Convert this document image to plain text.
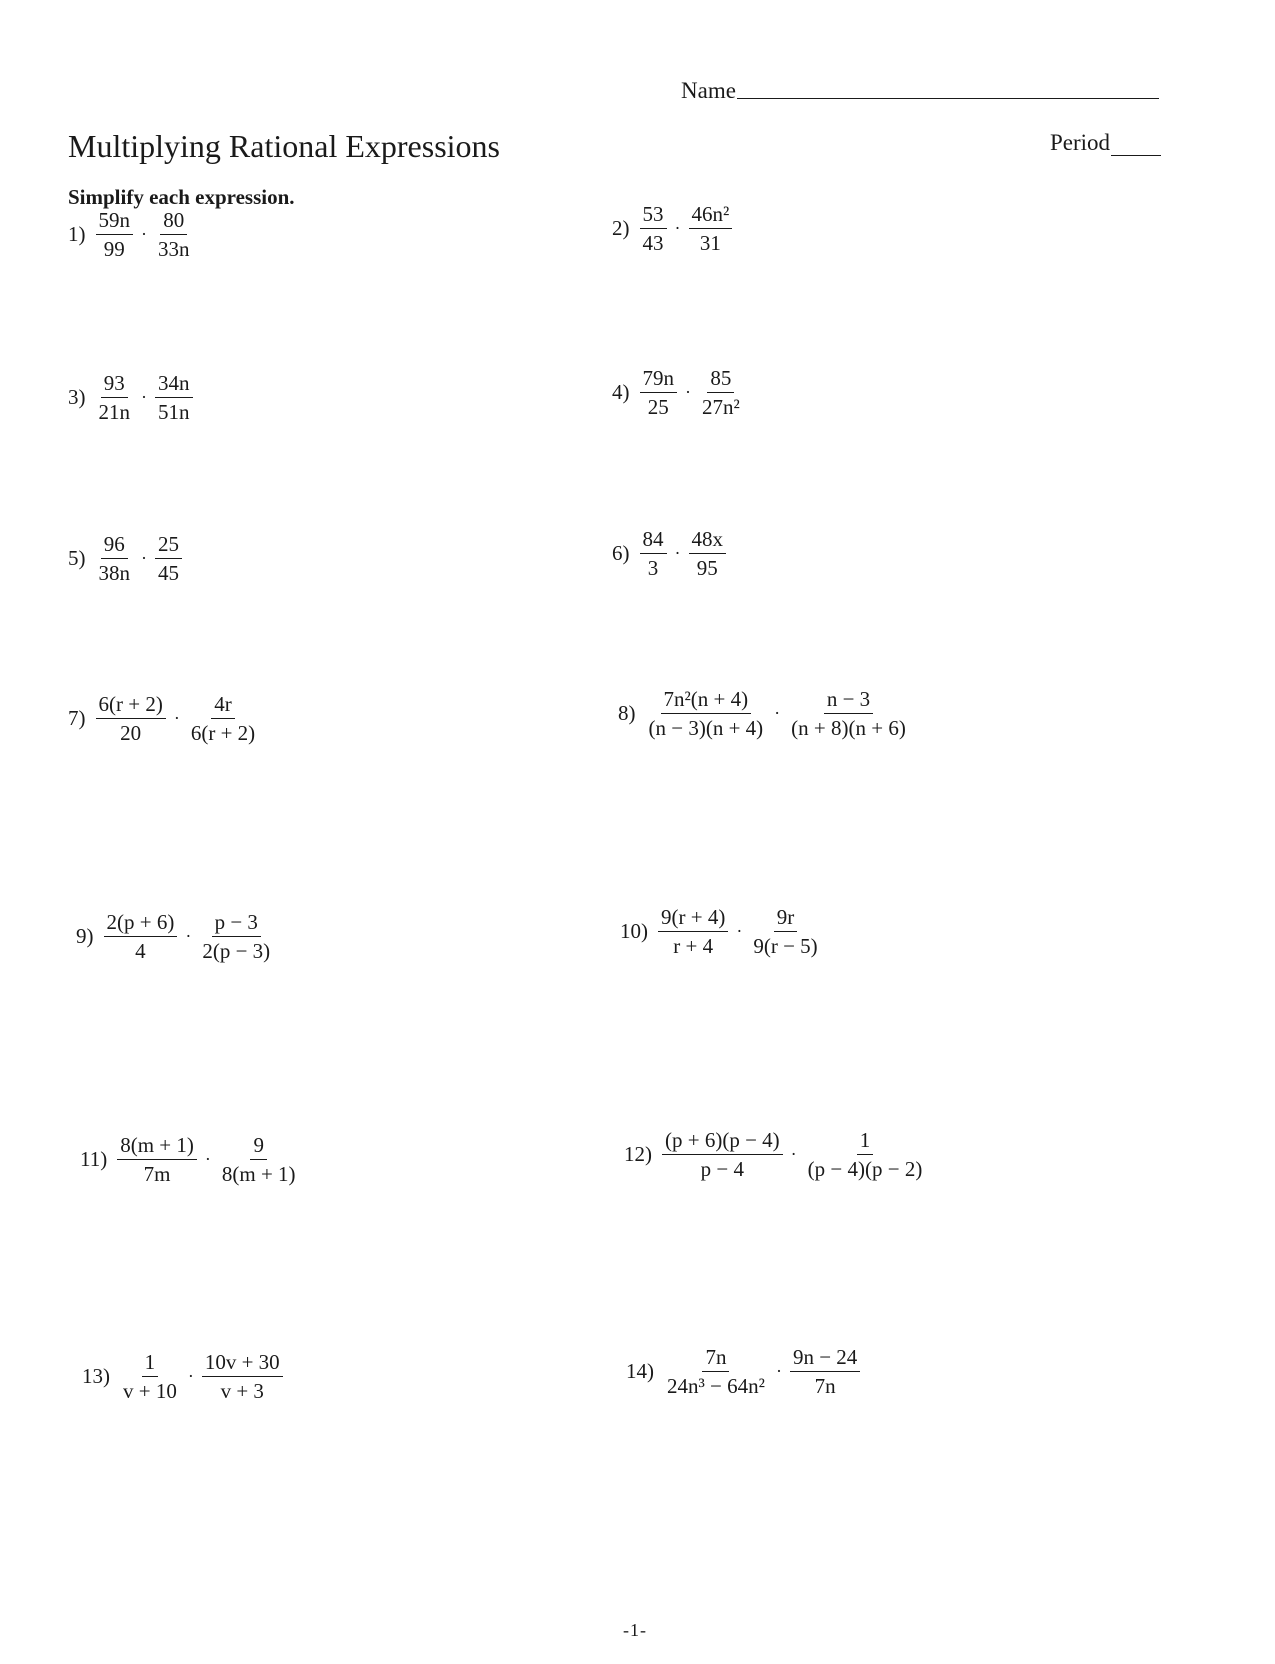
Name
Multiplying Rational Expressions	Period
Simplify each expression.
$1) \frac{59n}{99} \cdot \frac{80}{33n}$	$2) \frac{53}{43} \cdot \frac{\text{46n²}}{31}$
$3) \frac{93}{21n} \cdot \frac{34n}{51n}$	$4) \frac{79n}{25} \cdot \frac{85}{\text{27n²}}$
$5) \frac{96}{38n} \cdot \frac{25}{45}$	$6) \frac{84}{3} \cdot \frac{48x}{95}$
$7) \frac{6(r + 2)}{20} \cdot \frac{4r}{6(r + 2)}$	$8) \frac{\text{7n²(n + 4)}}{(n - 3)(n + 4)} \cdot \frac{n - 3}{(n + 8)(n + 6)}$
$9) \frac{2(p + 6)}{4} \cdot \frac{p - 3}{2(p - 3)}$	$10) \frac{9(r + 4)}{r + 4} \cdot \frac{9r}{9(r - 5)}$
$11) \frac{8(m + 1)}{7m} \cdot \frac{9}{8(m + 1)}$	$12) \frac{(p + 6)(p - 4)}{p - 4} \cdot \frac{1}{(p - 4)(p - 2)}$
$13) \frac{1}{v + 10} \cdot \frac{10v + 30}{v + 3}$	$14) \frac{7n}{\text{24n³ − 64n²}} \cdot \frac{9n - 24}{7n}$
-1-
